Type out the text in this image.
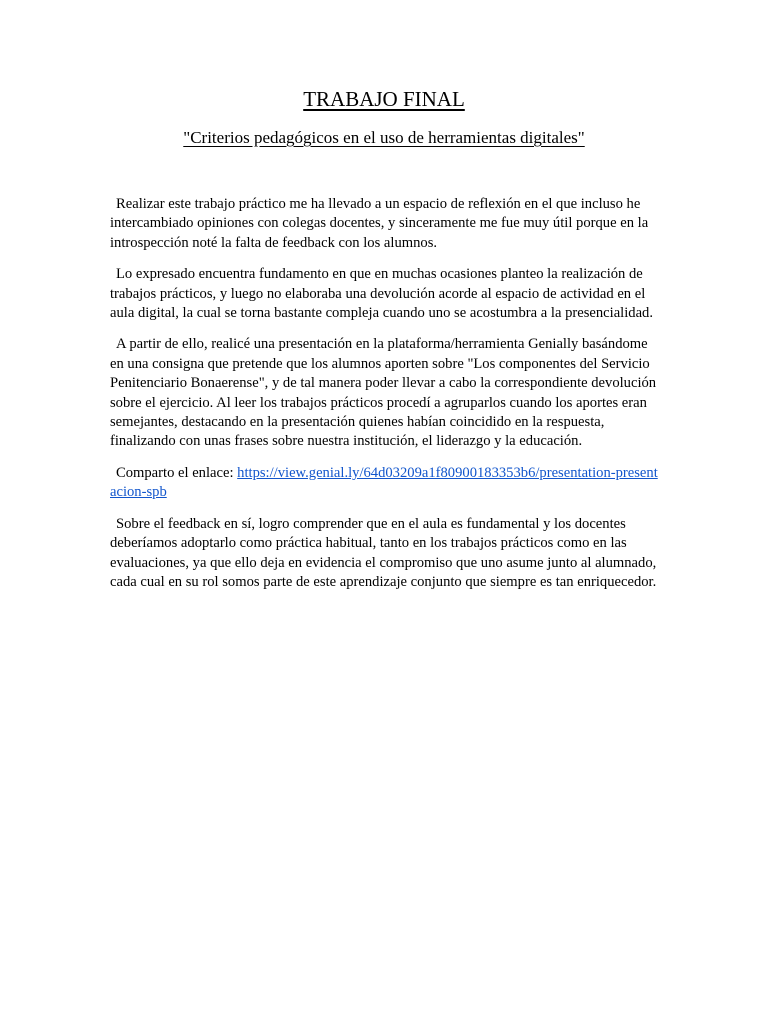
TRABAJO FINAL
"Criterios pedagógicos en el uso de herramientas digitales"

Realizar este trabajo práctico me ha llevado a un espacio de reflexión en el que incluso he intercambiado opiniones con colegas docentes, y sinceramente me fue muy útil porque en la introspección noté la falta de feedback con los alumnos.

Lo expresado encuentra fundamento en que en muchas ocasiones planteo la realización de trabajos prácticos, y luego no elaboraba una devolución acorde al espacio de actividad en el aula digital, la cual se torna bastante compleja cuando uno se acostumbra a la presencialidad.

A partir de ello, realicé una presentación en la plataforma/herramienta Genially basándome en una consigna que pretende que los alumnos aporten sobre "Los componentes del Servicio Penitenciario Bonaerense", y de tal manera poder llevar a cabo la correspondiente devolución sobre el ejercicio. Al leer los trabajos prácticos procedí a agruparlos cuando los aportes eran semejantes, destacando en la presentación quienes habían coincidido en la respuesta, finalizando con unas frases sobre nuestra institución, el liderazgo y la educación.

Comparto el enlace: https://view.genial.ly/64d03209a1f80900183353b6/presentation-presentacion-spb

Sobre el feedback en sí, logro comprender que en el aula es fundamental y los docentes deberíamos adoptarlo como práctica habitual, tanto en los trabajos prácticos como en las evaluaciones, ya que ello deja en evidencia el compromiso que uno asume junto al alumnado, cada cual en su rol somos parte de este aprendizaje conjunto que siempre es tan enriquecedor.
